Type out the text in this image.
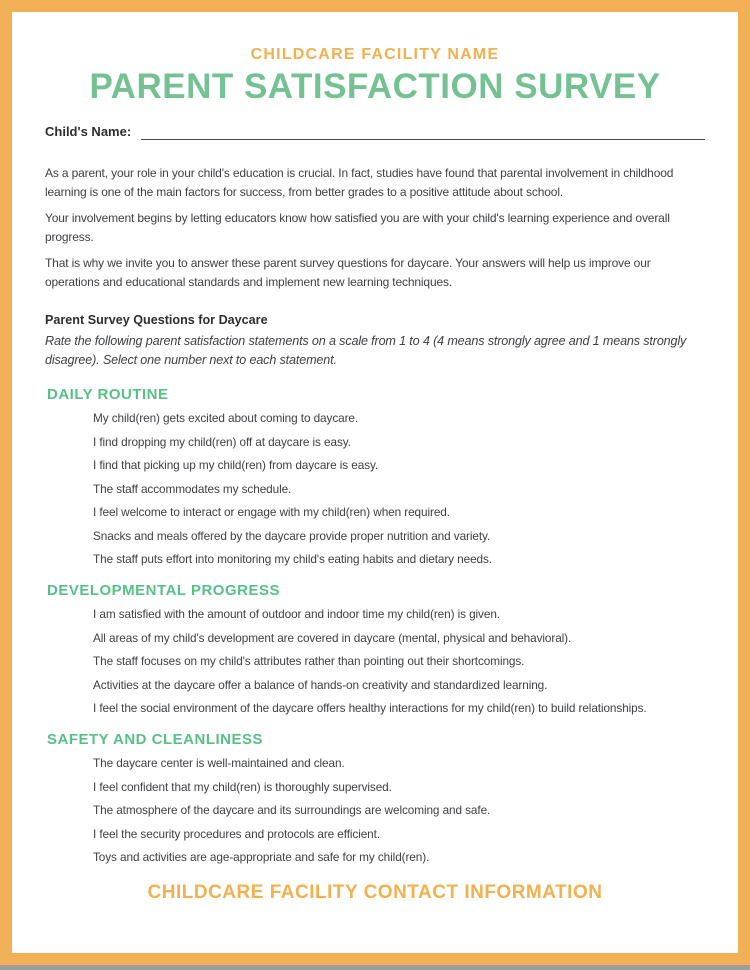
CHILDCARE FACILITY NAME
PARENT SATISFACTION SURVEY
Child's Name:

As a parent, your role in your child's education is crucial. In fact, studies have found that parental involvement in childhood learning is one of the main factors for success, from better grades to a positive attitude about school.

Your involvement begins by letting educators know how satisfied you are with your child's learning experience and overall progress.

That is why we invite you to answer these parent survey questions for daycare. Your answers will help us improve our operations and educational standards and implement new learning techniques.

Parent Survey Questions for Daycare
Rate the following parent satisfaction statements on a scale from 1 to 4 (4 means strongly agree and 1 means strongly disagree). Select one number next to each statement.
DAILY ROUTINE

My child(ren) gets excited about coming to daycare.

I find dropping my child(ren) off at daycare is easy.

I find that picking up my child(ren) from daycare is easy.

The staff accommodates my schedule.

I feel welcome to interact or engage with my child(ren) when required.

Snacks and meals offered by the daycare provide proper nutrition and variety.

The staff puts effort into monitoring my child's eating habits and dietary needs.

DEVELOPMENTAL PROGRESS

I am satisfied with the amount of outdoor and indoor time my child(ren) is given.

All areas of my child's development are covered in daycare (mental, physical and behavioral).

The staff focuses on my child's attributes rather than pointing out their shortcomings.

Activities at the daycare offer a balance of hands-on creativity and standardized learning.

I feel the social environment of the daycare offers healthy interactions for my child(ren) to build relationships.

SAFETY AND CLEANLINESS

The daycare center is well-maintained and clean.

I feel confident that my child(ren) is thoroughly supervised.

The atmosphere of the daycare and its surroundings are welcoming and safe.

I feel the security procedures and protocols are efficient.

Toys and activities are age-appropriate and safe for my child(ren).

CHILDCARE FACILITY CONTACT INFORMATION
